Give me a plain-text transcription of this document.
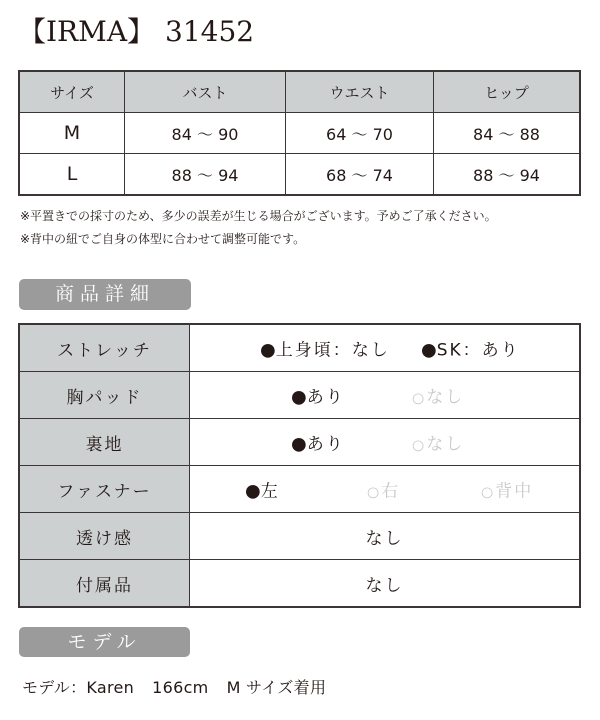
【IRMA】 31452
サイズ	バスト	ウエスト	ヒップ
M	84 ～ 90	64 ～ 70	84 ～ 88
L	88 ～ 94	68 ～ 74	88 ～ 94
※平置きでの採寸のため、多少の誤差が生じる場合がございます。予めご了承ください。
※背中の紐でご自身の体型に合わせて調整可能です。
商品詳細
ストレッチ	●上身頃：なし ●SK：あり

胸パッド	●あり ○ なし

裏地	●あり ○ なし

ファスナー	●左 ○ 右 ○ 背中

透け感	なし
付属品	なし
モデル
モデル：Karen 166cm M サイズ着用
